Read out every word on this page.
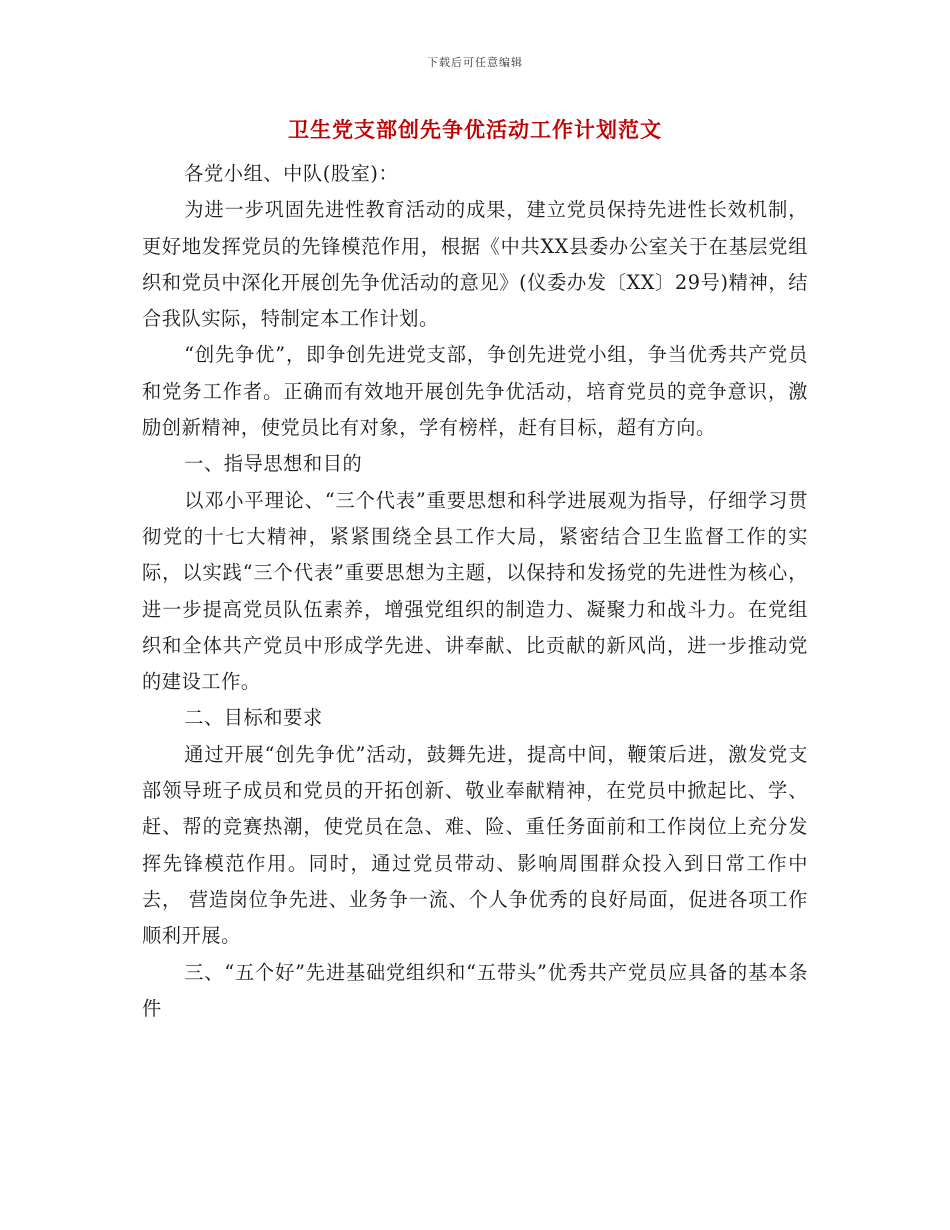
下载后可任意编辑
卫生党支部创先争优活动工作计划范文

各党小组、中队(股室)：

为进一步巩固先进性教育活动的成果，建立党员保持先进性长效机制，更好地发挥党员的先锋模范作用，根据《中共XX县委办公室关于在基层党组织和党员中深化开展创先争优活动的意见》(仪委办发〔XX〕29号)精神，结合我队实际，特制定本工作计划。

“创先争优”，即争创先进党支部，争创先进党小组，争当优秀共产党员和党务工作者。正确而有效地开展创先争优活动，培育党员的竞争意识，激励创新精神，使党员比有对象，学有榜样，赶有目标，超有方向。

一、指导思想和目的

以邓小平理论、“三个代表”重要思想和科学进展观为指导，仔细学习贯彻党的十七大精神，紧紧围绕全县工作大局，紧密结合卫生监督工作的实际，以实践“三个代表”重要思想为主题，以保持和发扬党的先进性为核心，进一步提高党员队伍素养，增强党组织的制造力、凝聚力和战斗力。在党组织和全体共产党员中形成学先进、讲奉献、比贡献的新风尚，进一步推动党的建设工作。

二、目标和要求

通过开展“创先争优”活动，鼓舞先进，提高中间，鞭策后进，激发党支部领导班子成员和党员的开拓创新、敬业奉献精神，在党员中掀起比、学、赶、帮的竞赛热潮，使党员在急、难、险、重任务面前和工作岗位上充分发挥先锋模范作用。同时，通过党员带动、影响周围群众投入到日常工作中去， 营造岗位争先进、业务争一流、个人争优秀的良好局面，促进各项工作顺利开展。

三、“五个好”先进基础党组织和“五带头”优秀共产党员应具备的基本条件
